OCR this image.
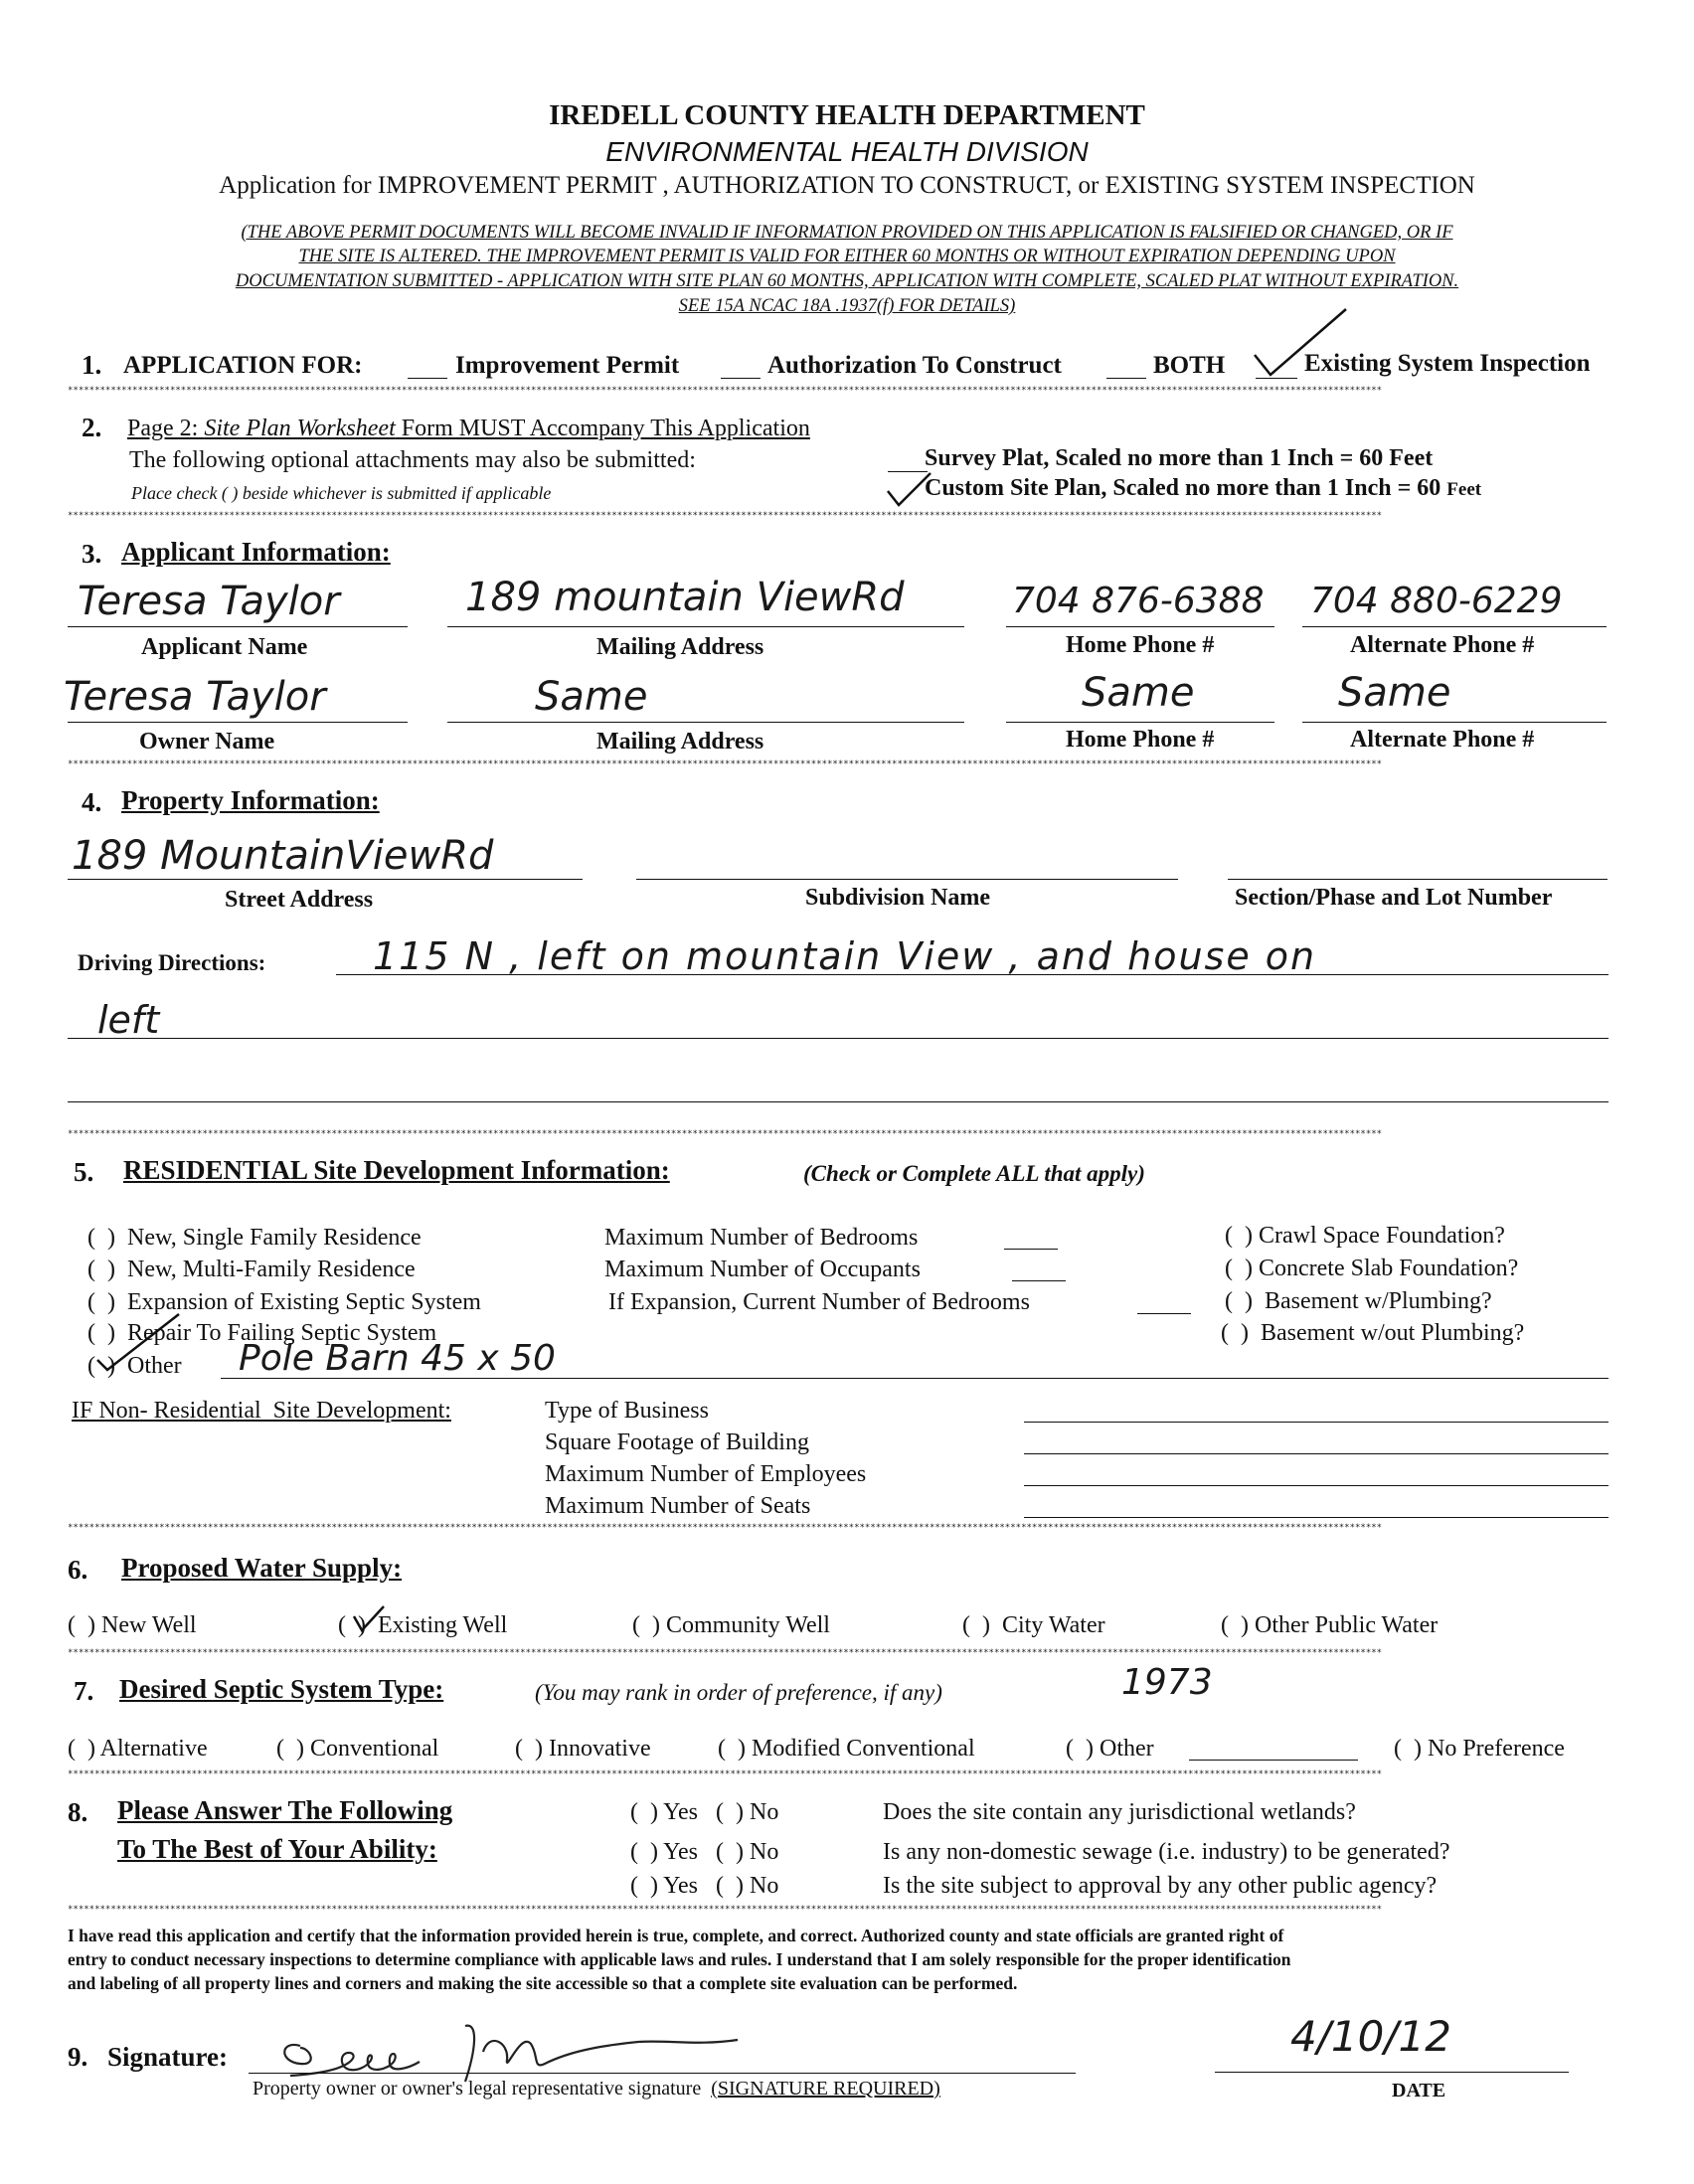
IREDELL COUNTY HEALTH DEPARTMENT
ENVIRONMENTAL HEALTH DIVISION
Application for IMPROVEMENT PERMIT , AUTHORIZATION TO CONSTRUCT, or EXISTING SYSTEM INSPECTION
(THE ABOVE PERMIT DOCUMENTS WILL BECOME INVALID IF INFORMATION PROVIDED ON THIS APPLICATION IS FALSIFIED OR CHANGED, OR IF
THE SITE IS ALTERED. THE IMPROVEMENT PERMIT IS VALID FOR EITHER 60 MONTHS OR WITHOUT EXPIRATION DEPENDING UPON
DOCUMENTATION SUBMITTED - APPLICATION WITH SITE PLAN 60 MONTHS, APPLICATION WITH COMPLETE, SCALED PLAT WITHOUT EXPIRATION.
SEE 15A NCAC 18A .1937(f) FOR DETAILS)
1. APPLICATION FOR:	Improvement Permit	Authorization To Construct	BOTH	Existing System Inspection
****************************************************************************************************************************************************************************************************************************************************
2. Page 2: Site Plan Worksheet Form MUST Accompany This Application
The following optional attachments may also be submitted:
Place check ( ) beside whichever is submitted if applicable
Survey Plat, Scaled no more than 1 Inch = 60 Feet
Custom Site Plan, Scaled no more than 1 Inch = 60 Feet
****************************************************************************************************************************************************************************************************************************************************
3. Applicant Information:
Teresa Taylor	189 mountain ViewRd	704 876-6388 704 880-6229
Applicant Name	Mailing Address	Home Phone #	Alternate Phone #
Teresa Taylor	Same	Same	Same
Owner Name	Mailing Address	Home Phone #	Alternate Phone #
****************************************************************************************************************************************************************************************************************************************************
4. Property Information:
189 MountainViewRd
Street Address	Subdivision Name	Section/Phase and Lot Number
Driving Directions:	115 N , left on mountain View , and house on
left
****************************************************************************************************************************************************************************************************************************************************
5. RESIDENTIAL Site Development Information:	(Check or Complete ALL that apply)
(  )  New, Single Family Residence
(  )  New, Multi-Family Residence
(  )  Expansion of Existing Septic System
(  )  Repair To Failing Septic System
(  )  Other Pole Barn 45 x 50
Maximum Number of Bedrooms
Maximum Number of Occupants
If Expansion, Current Number of Bedrooms
(  ) Crawl Space Foundation?
(  ) Concrete Slab Foundation?
(  )  Basement w/Plumbing?
(  )  Basement w/out Plumbing?
IF Non- Residential  Site Development:	Type of Business
Square Footage of Building
Maximum Number of Employees
Maximum Number of Seats
****************************************************************************************************************************************************************************************************************************************************
6. Proposed Water Supply:
(  ) New Well	(  )  Existing Well	(  ) Community Well	(  )  City Water	(  ) Other Public Water
****************************************************************************************************************************************************************************************************************************************************
7. Desired Septic System Type:	(You may rank in order of preference, if any)	1973
(  ) Alternative	(  ) Conventional	(  ) Innovative	(  ) Modified Conventional	(  ) Other	(  ) No Preference
****************************************************************************************************************************************************************************************************************************************************
8. Please Answer The Following
To The Best of Your Ability:
(  ) Yes   (  ) No	Does the site contain any jurisdictional wetlands?
(  ) Yes   (  ) No	Is any non-domestic sewage (i.e. industry) to be generated?
(  ) Yes   (  ) No	Is the site subject to approval by any other public agency?
****************************************************************************************************************************************************************************************************************************************************
I have read this application and certify that the information provided herein is true, complete, and correct. Authorized county and state officials are granted right of
entry to conduct necessary inspections to determine compliance with applicable laws and rules. I understand that I am solely responsible for the proper identification
and labeling of all property lines and corners and making the site accessible so that a complete site evaluation can be performed.
9. Signature:
Property owner or owner's legal representative signature (SIGNATURE REQUIRED)
4/10/12
DATE
